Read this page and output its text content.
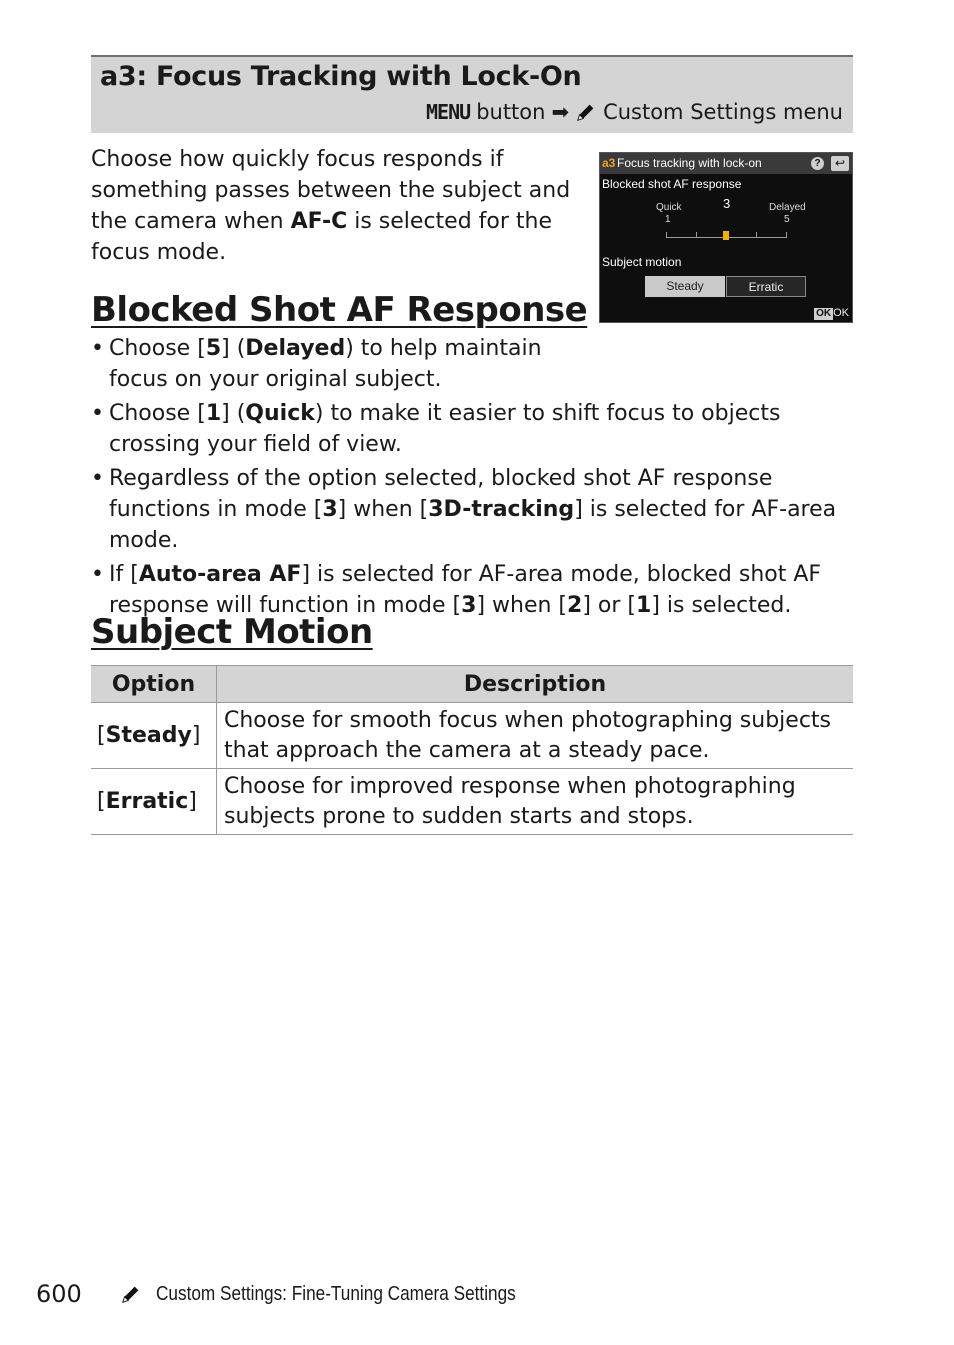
a3: Focus Tracking with Lock-On
MENU button ➡ Custom Settings menu

Choose how quickly focus responds if something passes between the subject and the camera when AF-C is selected for the focus mode.

a3 Focus tracking with lock-on	?	↩
Blocked shot AF response
Quick
1
3	Delayed
5
Subject motion
Steady	Erratic
OK OK
Blocked Shot AF Response
• Choose [5] (Delayed) to help maintain focus on your original subject.
• Choose [1] (Quick) to make it easier to shift focus to objects crossing your field of view.
• Regardless of the option selected, blocked shot AF response functions in mode [3] when [3D-tracking] is selected for AF-area mode.
• If [Auto-area AF] is selected for AF-area mode, blocked shot AF response will function in mode [3] when [2] or [1] is selected.
Subject Motion
Option	Description
[Steady]	Choose for smooth focus when photographing subjects that approach the camera at a steady pace.
[Erratic]	Choose for improved response when photographing subjects prone to sudden starts and stops.
600	Custom Settings: Fine-Tuning Camera Settings
